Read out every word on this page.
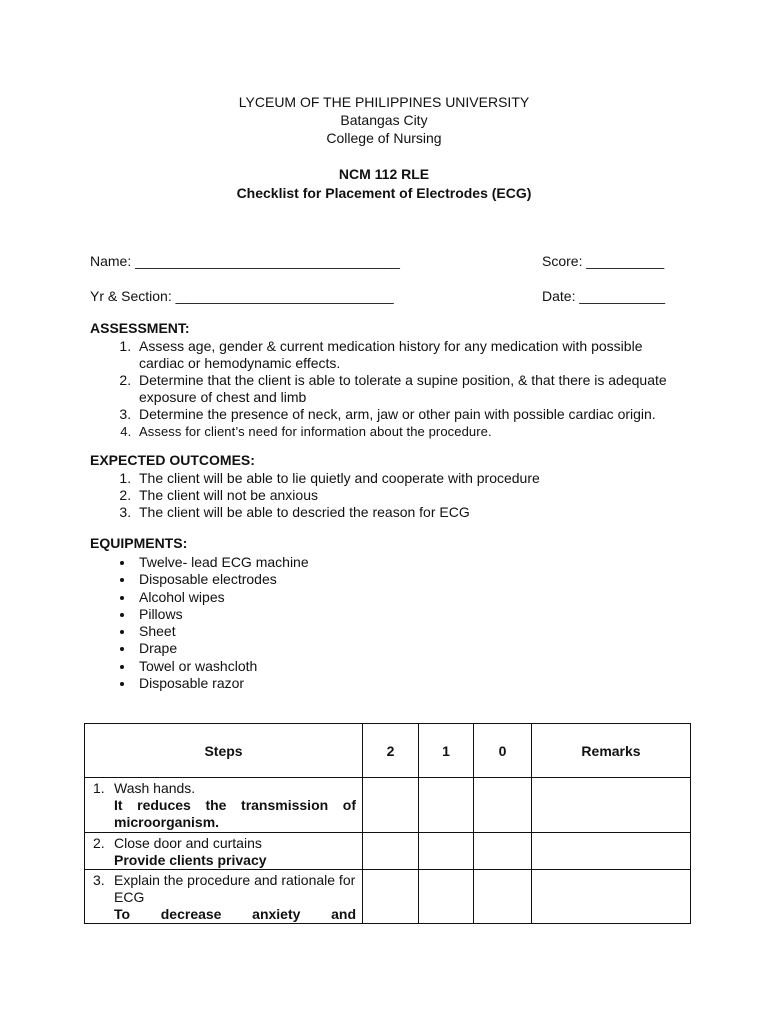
LYCEUM OF THE PHILIPPINES UNIVERSITY
Batangas City
College of Nursing
NCM 112 RLE
Checklist for Placement of Electrodes (ECG)
Name: __________________________________	Score: __________
Yr & Section: ____________________________	Date: ___________
ASSESSMENT:
1. Assess age, gender & current medication history for any medication with possible cardiac or hemodynamic effects.
2. Determine that the client is able to tolerate a supine position, & that there is adequate exposure of chest and limb
3. Determine the presence of neck, arm, jaw or other pain with possible cardiac origin.
4. Assess for client’s need for information about the procedure.
EXPECTED OUTCOMES:
1. The client will be able to lie quietly and cooperate with procedure
2. The client will not be anxious
3. The client will be able to descried the reason for ECG
EQUIPMENTS:
• Twelve- lead ECG machine
• Disposable electrodes
• Alcohol wipes
• Pillows
• Sheet
• Drape
• Towel or washcloth
• Disposable razor
Steps	2	1	0	Remarks

1. Wash hands.
It reduces the transmission of
microorganism.				

2. Close door and curtains
Provide clients privacy				

3. Explain the procedure and rationale for ECG
To decrease anxiety and				
